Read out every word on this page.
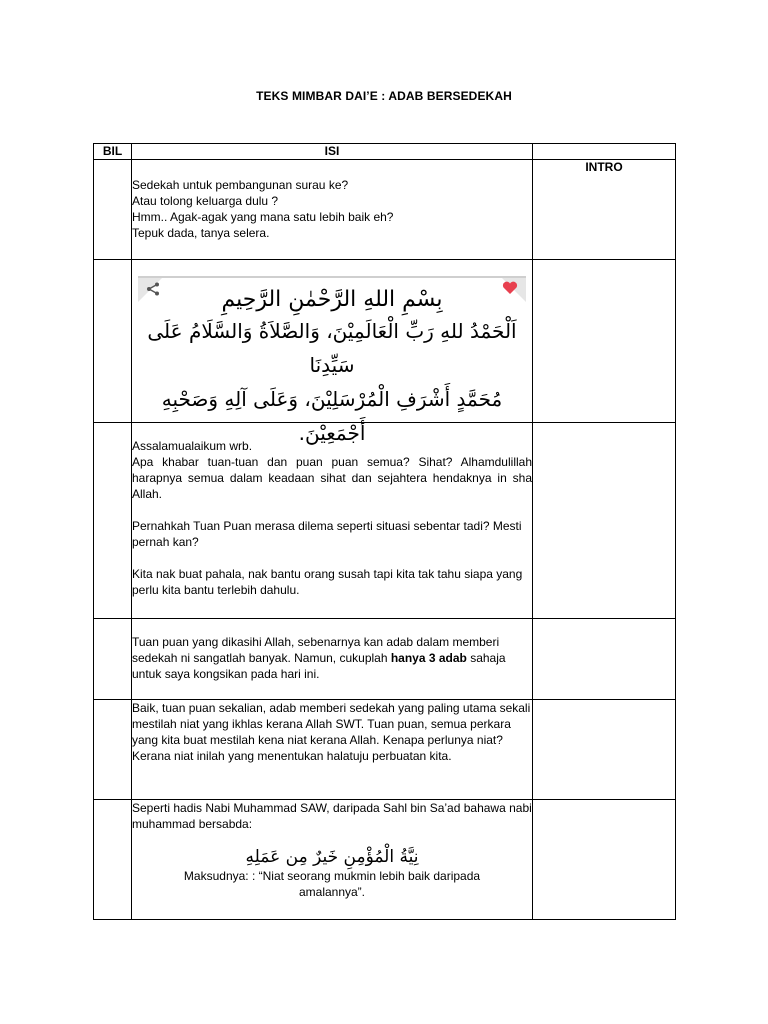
TEKS MIMBAR DAI’E : ADAB BERSEDEKAH
BIL	ISI	

	Sedekah untuk pembangunan surau ke?

Atau tolong keluarga dulu ?

Hmm.. Agak-agak yang mana satu lebih baik eh?

Tepuk dada, tanya selera.	INTRO

	بِسْمِ اللهِ الرَّحْمٰنِ الرَّحِيمِ
اَلْحَمْدُ للهِ رَبِّ الْعَالَمِيْنَ، وَالصَّلاَةُ وَالسَّلَامُ عَلَى سَيِّدِنَا
مُحَمَّدٍ أَشْرَفِ الْمُرْسَلِيْنَ، وَعَلَى آلِهِ وَصَحْبِهِ أَجْمَعِيْنَ.	

	Assalamualaikum wrb.

Apa khabar tuan-tuan dan puan puan semua? Sihat? Alhamdulillah harapnya semua dalam keadaan sihat dan sejahtera hendaknya in sha Allah.

Pernahkah Tuan Puan merasa dilema seperti situasi sebentar tadi? Mesti pernah kan?

Kita nak buat pahala, nak bantu orang susah tapi kita tak tahu siapa yang perlu kita bantu terlebih dahulu.	

	Tuan puan yang dikasihi Allah, sebenarnya kan adab dalam memberi sedekah ni sangatlah banyak. Namun, cukuplah hanya 3 adab sahaja untuk saya kongsikan pada hari ini.	

	Baik, tuan puan sekalian, adab memberi sedekah yang paling utama sekali mestilah niat yang ikhlas kerana Allah SWT. Tuan puan, semua perkara yang kita buat mestilah kena niat kerana Allah. Kenapa perlunya niat? Kerana niat inilah yang menentukan halatuju perbuatan kita.	

	Seperti hadis Nabi Muhammad SAW, daripada Sahl bin Sa’ad bahawa nabi muhammad bersabda:

نِيَّةُ الْمُؤْمِنِ خَيرٌ مِن عَمَلِهِ

Maksudnya: : “Niat seorang mukmin lebih baik daripada

amalannya”.	
